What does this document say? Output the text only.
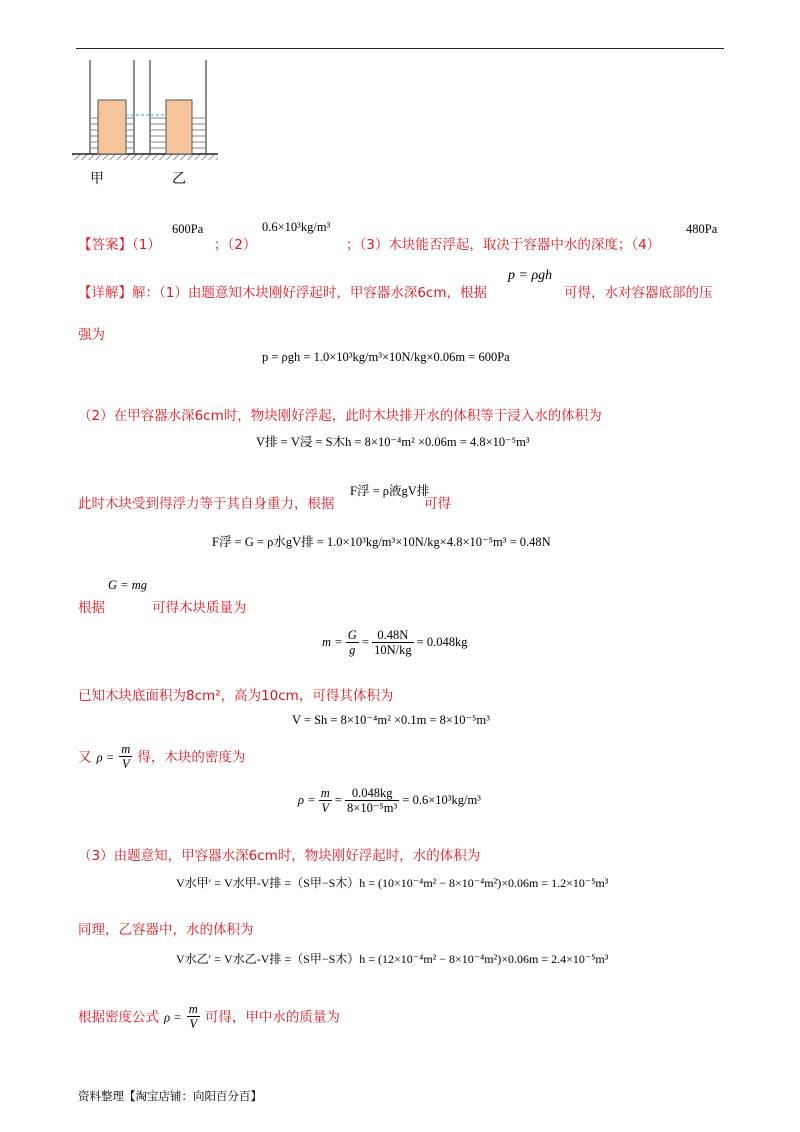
甲	乙
【答案】（1）
600Pa
；（2）
0.6×10³kg/m³
；（3）木块能否浮起，取决于容器中水的深度；（4）
480Pa
【详解】解：（1）由题意知木块刚好浮起时，甲容器水深6cm，根据
p = ρgh
可得，水对容器底部的压
强为
p = ρgh = 1.0×10³kg/m³×10N/kg×0.06m = 600Pa
（2）在甲容器水深6cm时，物块刚好浮起，此时木块排开水的体积等于浸入水的体积为
V排 = V浸 = S木h = 8×10⁻⁴m² ×0.06m = 4.8×10⁻⁵m³
此时木块受到得浮力等于其自身重力，根据
F浮 = ρ液gV排
可得
F浮 = G = ρ水gV排 = 1.0×10³kg/m³×10N/kg×4.8×10⁻⁵m³ = 0.48N
G = mg
根据	可得木块质量为
$m = \frac{G}{g} = \frac{0.48N}{10N/kg} = 0.048kg$
已知木块底面积为8cm²，高为10cm，可得其体积为
V = Sh = 8×10⁻⁴m² ×0.1m = 8×10⁻⁵m³
又 $\rho = \frac{m}{V}$ 得，木块的密度为
$\rho = \frac{m}{V} = \frac{0.048kg}{\text{8×10⁻⁵m³}} = 0.6\times 10^3kg/m^3$
（3）由题意知，甲容器水深6cm时，物块刚好浮起时，水的体积为
V水甲′ = V水甲-V排 =（S甲−S木）h = (10×10⁻⁴m² − 8×10⁻⁴m²)×0.06m = 1.2×10⁻⁵m³
同理，乙容器中，水的体积为
V水乙′ = V水乙-V排 =（S甲−S木）h = (12×10⁻⁴m² − 8×10⁻⁴m²)×0.06m = 2.4×10⁻⁵m³
根据密度公式 $\rho = \frac{m}{V}$ 可得，甲中水的质量为
资料整理【淘宝店铺：向阳百分百】
